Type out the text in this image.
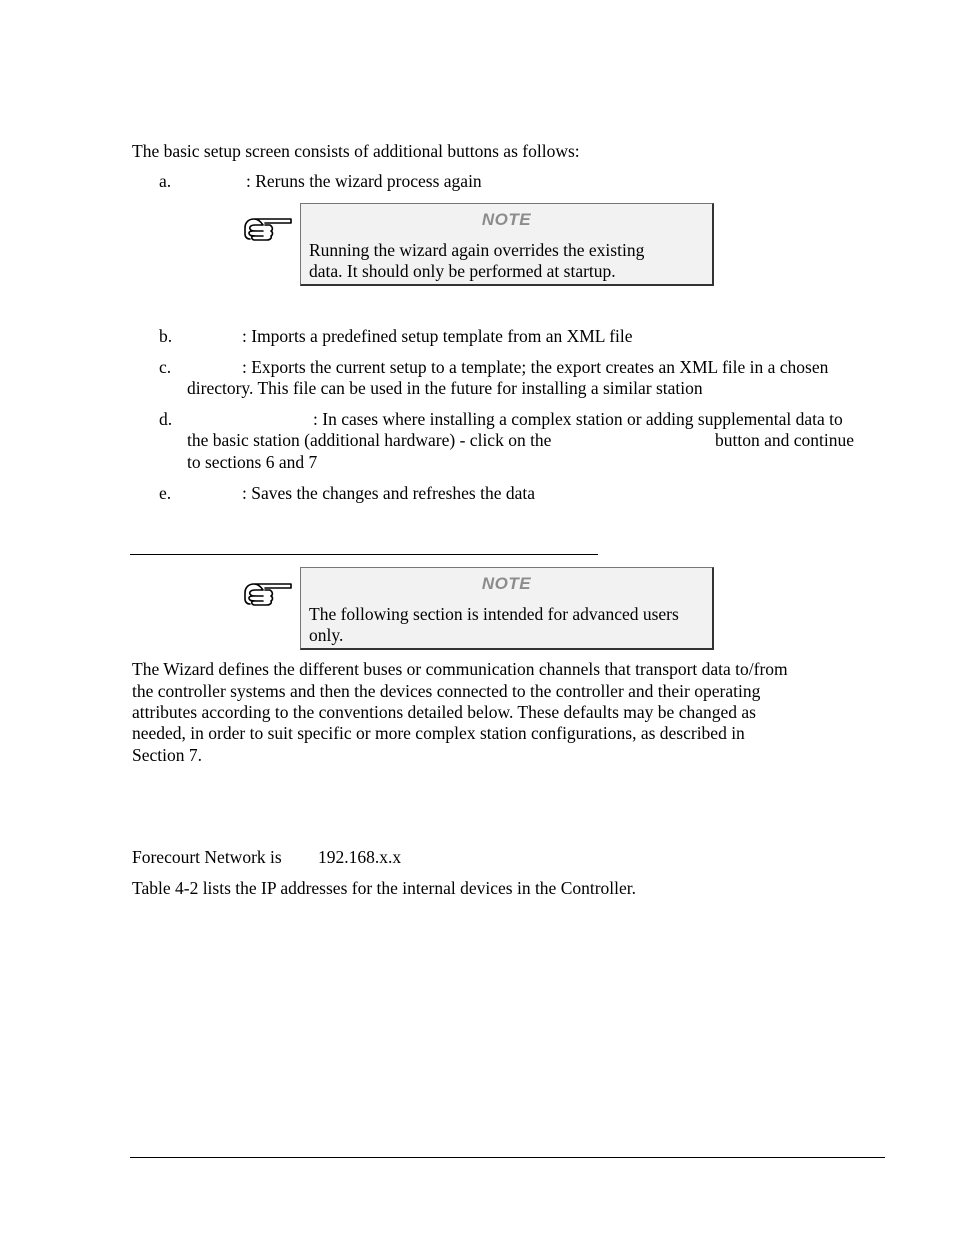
The basic setup screen consists of additional buttons as follows:
a.	: Reruns the wizard process again
NOTE
Running the wizard again overrides the existing
data. It should only be performed at startup.
b.	: Imports a predefined setup template from an XML file
c.	: Exports the current setup to a template; the export creates an XML file in a chosen
directory. This file can be used in the future for installing a similar station
d.	: In cases where installing a complex station or adding supplemental data to
the basic station (additional hardware) - click on the	button and continue
to sections 6 and 7
e.	: Saves the changes and refreshes the data
NOTE
The following section is intended for advanced users
only.
The Wizard defines the different buses or communication channels that transport data to/from
the controller systems and then the devices connected to the controller and their operating
attributes according to the conventions detailed below. These defaults may be changed as
needed, in order to suit specific or more complex station configurations, as described in
Section 7.
Forecourt Network is 192.168.x.x
Table 4-2 lists the IP addresses for the internal devices in the Controller.
